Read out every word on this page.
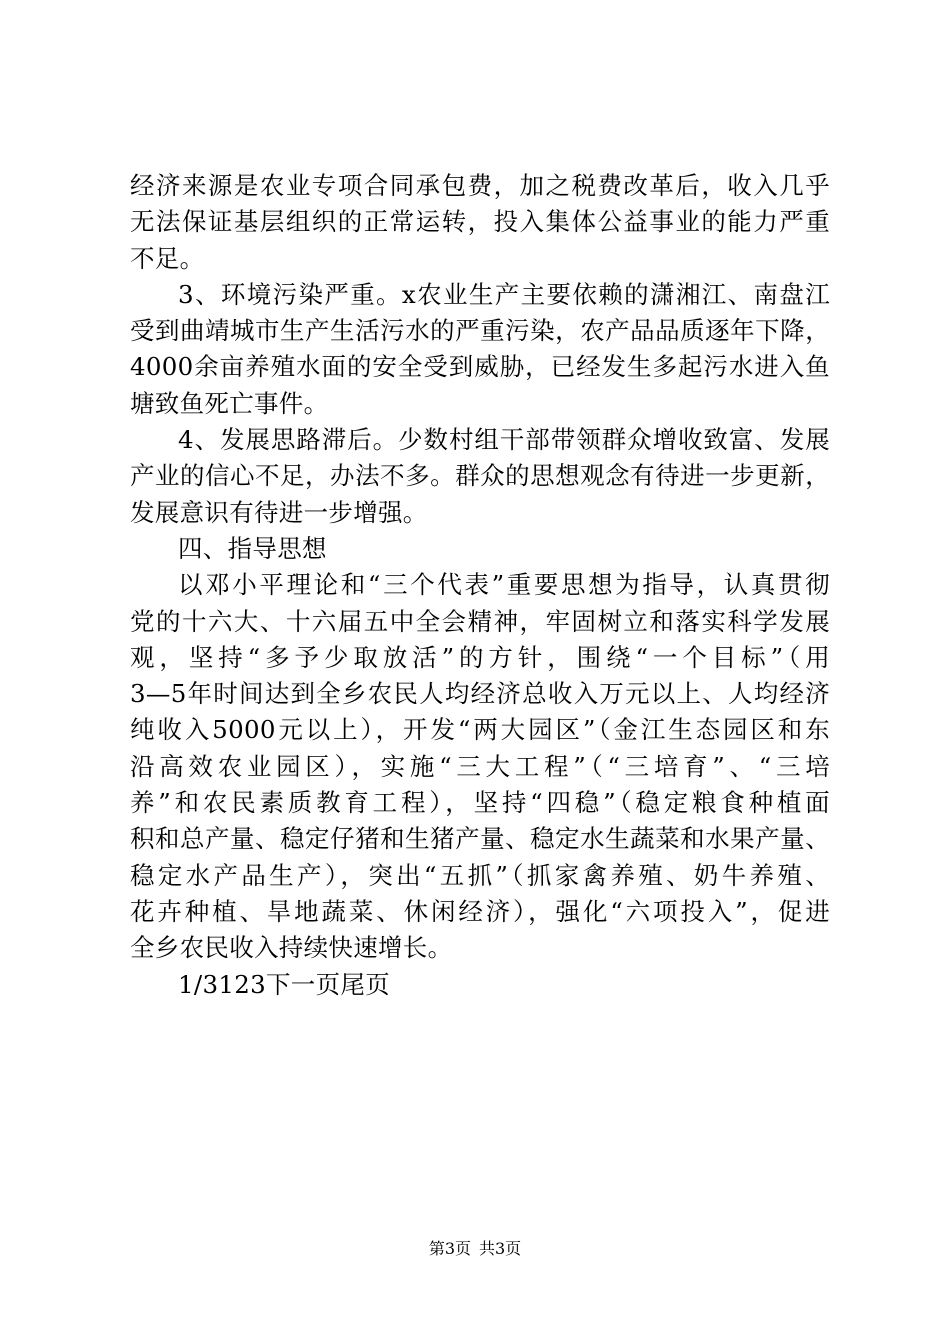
经济来源是农业专项合同承包费，加之税费改革后，收入几乎
无法保证基层组织的正常运转，投入集体公益事业的能力严重
不足。
3、环境污染严重。x农业生产主要依赖的潇湘江、南盘江
受到曲靖城市生产生活污水的严重污染，农产品品质逐年下降，
4000余亩养殖水面的安全受到威胁，已经发生多起污水进入鱼
塘致鱼死亡事件。
4、发展思路滞后。少数村组干部带领群众增收致富、发展
产业的信心不足，办法不多。群众的思想观念有待进一步更新，
发展意识有待进一步增强。
四、指导思想
以邓小平理论和“三个代表”重要思想为指导，认真贯彻
党的十六大、十六届五中全会精神，牢固树立和落实科学发展
观，坚持“多予少取放活”的方针，围绕“一个目标”（用
3—5年时间达到全乡农民人均经济总收入万元以上、人均经济
纯收入5000元以上），开发“两大园区”（金江生态园区和东
沿高效农业园区），实施“三大工程”（“三培育”、“三培
养”和农民素质教育工程），坚持“四稳”（稳定粮食种植面
积和总产量、稳定仔猪和生猪产量、稳定水生蔬菜和水果产量、
稳定水产品生产），突出“五抓”（抓家禽养殖、奶牛养殖、
花卉种植、旱地蔬菜、休闲经济），强化“六项投入”，促进
全乡农民收入持续快速增长。
1/3123下一页尾页
第3页 共3页
